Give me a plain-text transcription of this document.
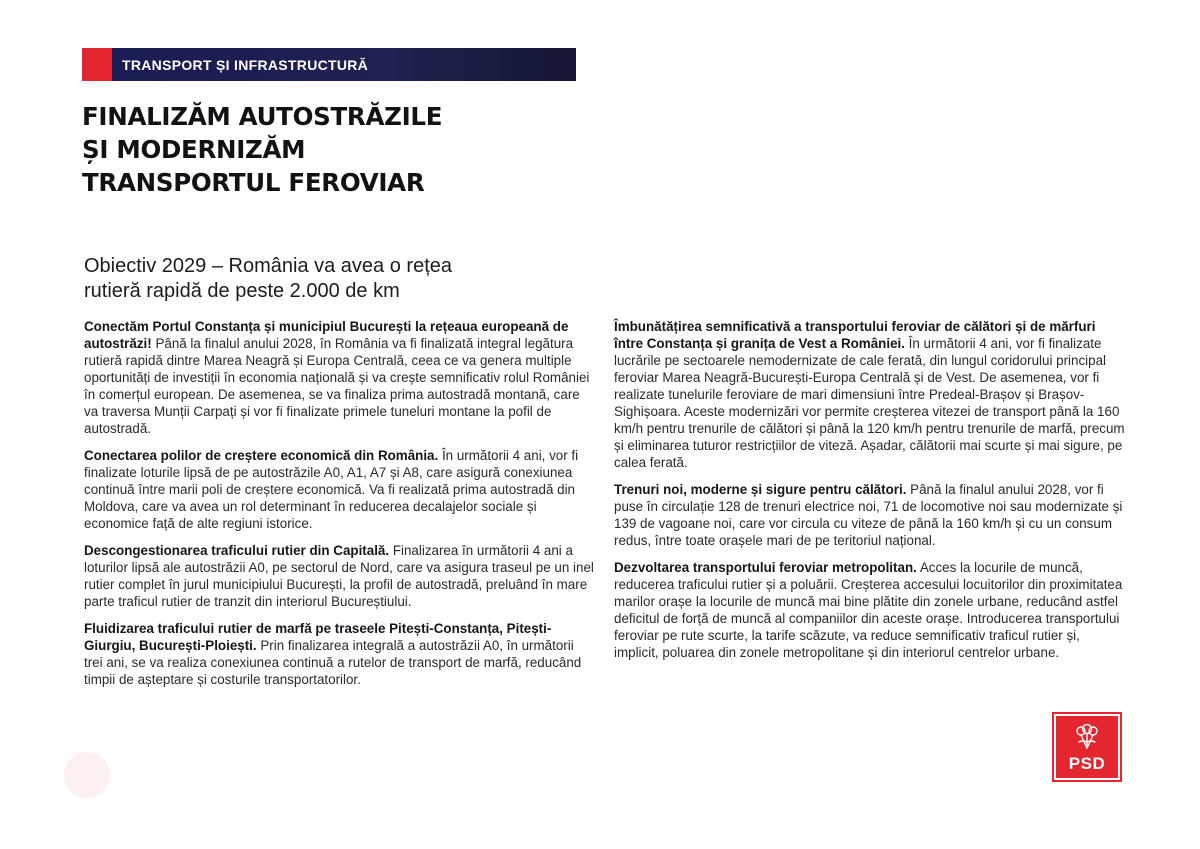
TRANSPORT ȘI INFRASTRUCTURĂ
FINALIZĂM AUTOSTRĂZILE
ȘI MODERNIZĂM
TRANSPORTUL FEROVIAR
Obiectiv 2029 – România va avea o rețea
rutieră rapidă de peste 2.000 de km

Conectăm Portul Constanța și municipiul București la rețeaua europeană de autostrăzi! Până la finalul anului 2028, în România va fi finalizată integral legătura rutieră rapidă dintre Marea Neagră și Europa Centrală, ceea ce va genera multiple oportunități de investiții în economia națională și va crește semnificativ rolul României în comerțul european. De asemenea, se va finaliza prima autostradă montană, care va traversa Munții Carpați și vor fi finalizate primele tuneluri montane la pofil de autostradă.

Conectarea polilor de creștere economică din România. În următorii 4 ani, vor fi finalizate loturile lipsă de pe autostrăzile A0, A1, A7 și A8, care asigură conexiunea continuă între marii poli de creștere economică. Va fi realizată prima autostradă din Moldova, care va avea un rol determinant în reducerea decalajelor sociale și economice față de alte regiuni istorice.

Descongestionarea traficului rutier din Capitală. Finalizarea în următorii 4 ani a loturilor lipsă ale autostrăzii A0, pe sectorul de Nord, care va asigura traseul pe un inel rutier complet în jurul municipiului București, la profil de autostradă, preluând în mare parte traficul rutier de tranzit din interiorul Bucureștiului.

Fluidizarea traficului rutier de marfă pe traseele Pitești-Constanța, Pitești-Giurgiu, București-Ploiești. Prin finalizarea integrală a autostrăzii A0, în următorii trei ani, se va realiza conexiunea continuă a rutelor de transport de marfă, reducând timpii de așteptare și costurile transportatorilor.

Îmbunătățirea semnificativă a transportului feroviar de călători și de mărfuri între Constanța și granița de Vest a României. În următorii 4 ani, vor fi finalizate lucrările pe sectoarele nemodernizate de cale ferată, din lungul coridorului principal feroviar Marea Neagră-București-Europa Centrală și de Vest. De asemenea, vor fi realizate tunelurile feroviare de mari dimensiuni între Predeal-Brașov și Brașov-Sighișoara. Aceste modernizări vor permite creșterea vitezei de transport până la 160 km/h pentru trenurile de călători și până la 120 km/h pentru trenurile de marfă, precum și eliminarea tuturor restricțiilor de viteză. Așadar, călătorii mai scurte și mai sigure, pe calea ferată.

Trenuri noi, moderne și sigure pentru călători. Până la finalul anului 2028, vor fi puse în circulație 128 de trenuri electrice noi, 71 de locomotive noi sau modernizate și 139 de vagoane noi, care vor circula cu viteze de până la 160 km/h și cu un consum redus, între toate orașele mari de pe teritoriul național.

Dezvoltarea transportului feroviar metropolitan. Acces la locurile de muncă, reducerea traficului rutier și a poluării. Creșterea accesului locuitorilor din proximitatea marilor orașe la locurile de muncă mai bine plătite din zonele urbane, reducând astfel deficitul de forță de muncă al companiilor din aceste orașe. Introducerea transportului feroviar pe rute scurte, la tarife scăzute, va reduce semnificativ traficul rutier și, implicit, poluarea din zonele metropolitane și din interiorul centrelor urbane.

PSD
